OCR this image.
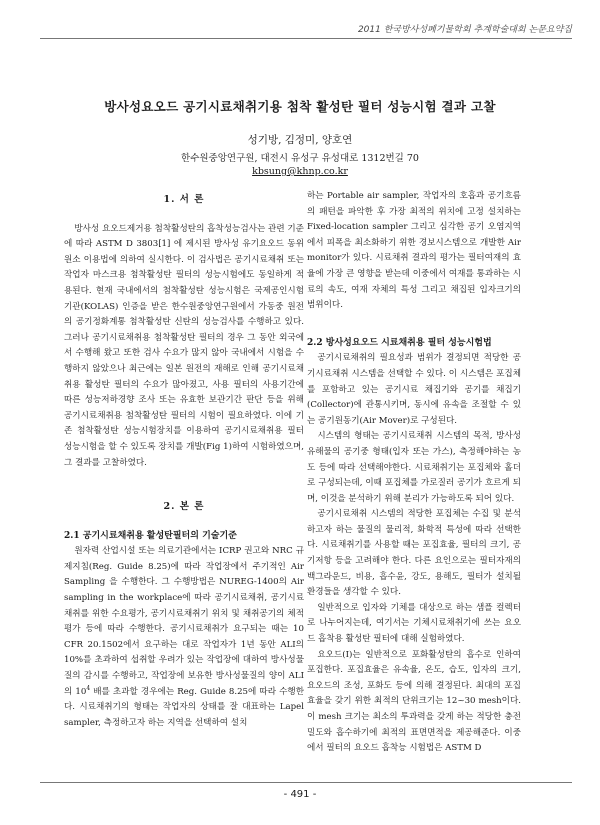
2011 한국방사성폐기물학회 추계학술대회 논문요약집
방사성요오드 공기시료채취기용 첨착 활성탄 필터 성능시험 결과 고찰
성기방, 김정미, 양호연
한수원중앙연구원, 대전시 유성구 유성대로 1312번길 70
kbsung@khnp.co.kr
1. 서 론

방사성 요오드제거용 첨착활성탄의 흡착성능검사는 관련 기준에 따라 ASTM D 3803[1] 에 제시된 방사성 유기요오드 동위원소 이용법에 의하여 실시한다. 이 검사법은 공기시료채취 또는 작업자 마스크용 첨착활성탄 필터의 성능시험에도 동일하게 적용된다. 현재 국내에서의 첨착활성탄 성능시험은 국제공인시험기관(KOLAS) 인증을 받은 한수원중앙연구원에서 가동중 원전의 공기정화계통 첨착활성탄 신탄의 성능검사를 수행하고 있다. 그러나 공기시료채취용 첨착활성탄 필터의 경우 그 동안 외국에서 수행해 왔고 또한 검사 수요가 많지 않아 국내에서 시험을 수행하지 않았으나 최근에는 일본 원전의 재해로 인해 공기시료채취용 활성탄 필터의 수요가 많아졌고, 사용 필터의 사용기간에 따른 성능저하경향 조사 또는 유효한 보관기간 판단 등을 위해 공기시료채취용 첨착활성탄 필터의 시험이 필요하였다. 이에 기존 첨착활성탄 성능시험장치를 이용하여 공기시료채취용 필터 성능시험을 할 수 있도록 장치를 개발(Fig 1)하여 시험하였으며, 그 결과를 고찰하였다.

2. 본 론
2.1 공기시료채취용 활성탄필터의 기술기준

원자력 산업시설 또는 의료기관에서는 ICRP 권고와 NRC 규제지침(Reg. Guide 8.25)에 따라 작업장에서 주기적인 Air Sampling 을 수행한다. 그 수행방법은 NUREG-1400의 Air sampling in the workplace에 따라 공기시료채취, 공기시료채취를 위한 수요평가, 공기시료채취기 위치 및 채취공기의 체적 평가 등에 따라 수행한다. 공기시료채취가 요구되는 때는 10 CFR 20.1502에서 요구하는 대로 작업자가 1년 동안 ALI의 10%를 초과하여 섭취할 우려가 있는 작업장에 대하여 방사성물질의 감시를 수행하고, 작업장에 보유한 방사성물질의 양이 ALI의 $10^4$ 배를 초과할 경우에는 Reg. Guide 8.25에 따라 수행한다. 시료채취기의 형태는 작업자의 상태를 잘 대표하는 Lapel sampler, 측정하고자 하는 지역을 선택하여 설치

하는 Portable air sampler, 작업자의 호흡과 공기흐름의 패턴을 파악한 후 가장 최적의 위치에 고정 설치하는 Fixed-location sampler 그리고 심각한 공기 오염지역에서 피폭을 최소화하기 위한 경보시스템으로 개발한 Air monitor가 있다. 시료채취 결과의 평가는 필터여재의 효율에 가장 큰 영향을 받는데 이중에서 여재를 통과하는 시료의 속도, 여재 자체의 특성 그리고 채집된 입자크기의 범위이다.

2.2 방사성요오드 시료채취용 필터 성능시험법

공기시료채취의 필요성과 범위가 결정되면 적당한 공기시료채취 시스템을 선택할 수 있다. 이 시스템은 포집체를 포함하고 있는 공기시료 채집기와 공기를 채집기(Collector)에 관통시키며, 동시에 유속을 조절할 수 있는 공기원동기(Air Mover)로 구성된다.

시스템의 형태는 공기시료채취 시스템의 목적, 방사성 유해물의 공기중 형태(입자 또는 가스), 측정해야하는 농도 등에 따라 선택해야한다. 시료채취기는 포집체와 홀더로 구성되는데, 이때 포집체를 가로질러 공기가 흐르게 되며, 이것을 분석하기 위해 분리가 가능하도록 되어 있다.

공기시료채취 시스템의 적당한 포집체는 수집 및 분석하고자 하는 물질의 물리적, 화학적 특성에 따라 선택한다. 시료채취기를 사용할 때는 포집효율, 필터의 크기, 공기저항 등을 고려해야 한다. 다른 요인으로는 필터자재의 백그라운드, 비용, 흡수윤, 강도, 용해도, 필터가 설치될 환경들을 생각할 수 있다.

일반적으로 입자와 기체를 대상으로 하는 샘플 컬렉터로 나누어지는데, 여기서는 기체시료채취기에 쓰는 요오드 흡착용 활성탄 필터에 대해 실험하였다.

요오드(I)는 일반적으로 포화활성탄의 흡수로 인하여 포집한다. 포집효율은 유속율, 온도, 습도, 입자의 크기, 요오드의 조성, 포화도 등에 의해 결정된다. 최대의 포집효율을 갖기 위한 최적의 단위크기는 12~30 mesh이다. 이 mesh 크기는 최소의 투과력을 갖게 하는 적당한 충전밀도와 흡수하기에 최적의 표면면적을 제공해준다. 이중에서 필터의 요오드 흡착능 시험법은 ASTM D

- 491 -
